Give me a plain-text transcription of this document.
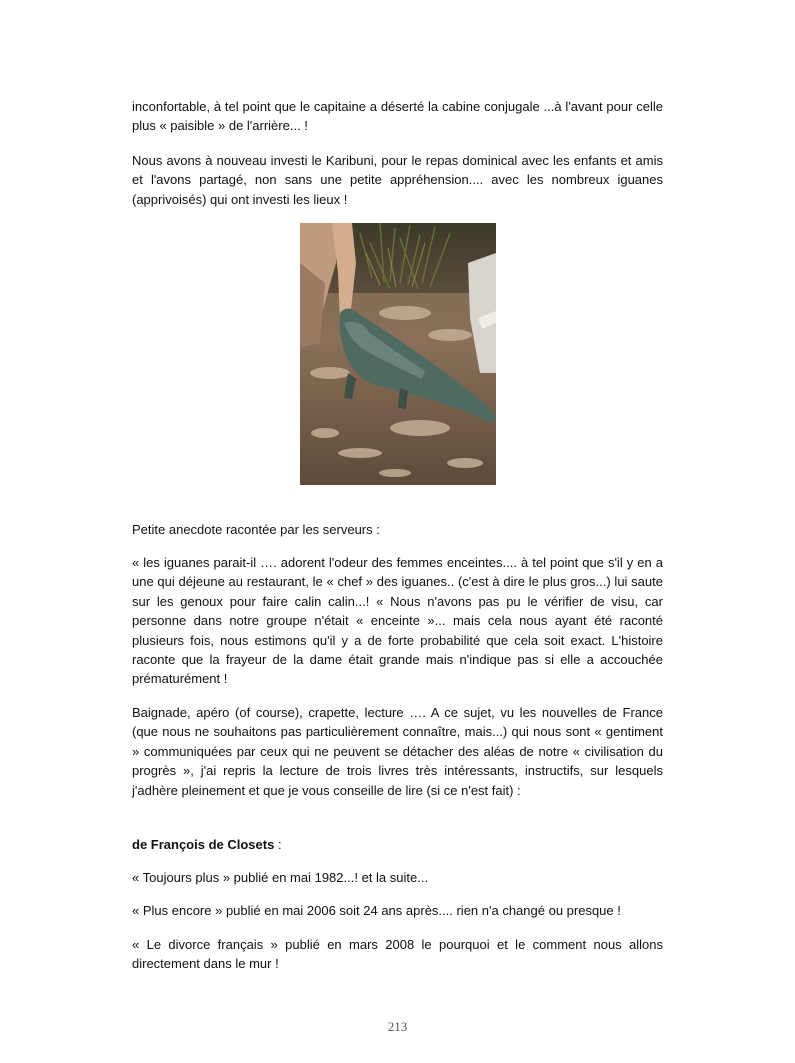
inconfortable, à tel point que le capitaine a déserté la cabine conjugale ...à l'avant pour celle plus « paisible » de l'arrière... !

Nous avons à nouveau investi le Karibuni, pour le repas dominical avec les enfants et amis et l'avons partagé, non sans une petite appréhension.... avec les nombreux iguanes (apprivoisés) qui ont investi les lieux !

Petite anecdote racontée par les serveurs :

« les iguanes parait-il …. adorent l'odeur des femmes enceintes.... à tel point que s'il y en a une qui déjeune au restaurant, le « chef » des iguanes.. (c'est à dire le plus gros...) lui saute sur les genoux pour faire calin calin...! « Nous n'avons pas pu le vérifier de visu, car personne dans notre groupe n'était « enceinte »... mais cela nous ayant été raconté plusieurs fois, nous estimons qu'il y a de forte probabilité que cela soit exact. L'histoire raconte que la frayeur de la dame était grande mais n'indique pas si elle a accouchée prématurément !

Baignade, apéro (of course), crapette, lecture …. A ce sujet, vu les nouvelles de France (que nous ne souhaitons pas particulièrement connaître, mais...) qui nous sont « gentiment » communiquées par ceux qui ne peuvent se détacher des aléas de notre « civilisation du progrès », j'ai repris la lecture de trois livres très intéressants, instructifs, sur lesquels j'adhère pleinement et que je vous conseille de lire (si ce n'est fait) :

de François de Closets :

« Toujours plus » publié en mai 1982...! et la suite...

« Plus encore » publié en mai 2006 soit 24 ans après.... rien n'a changé ou presque !

« Le divorce français » publié en mars 2008 le pourquoi et le comment nous allons directement dans le mur !

213
